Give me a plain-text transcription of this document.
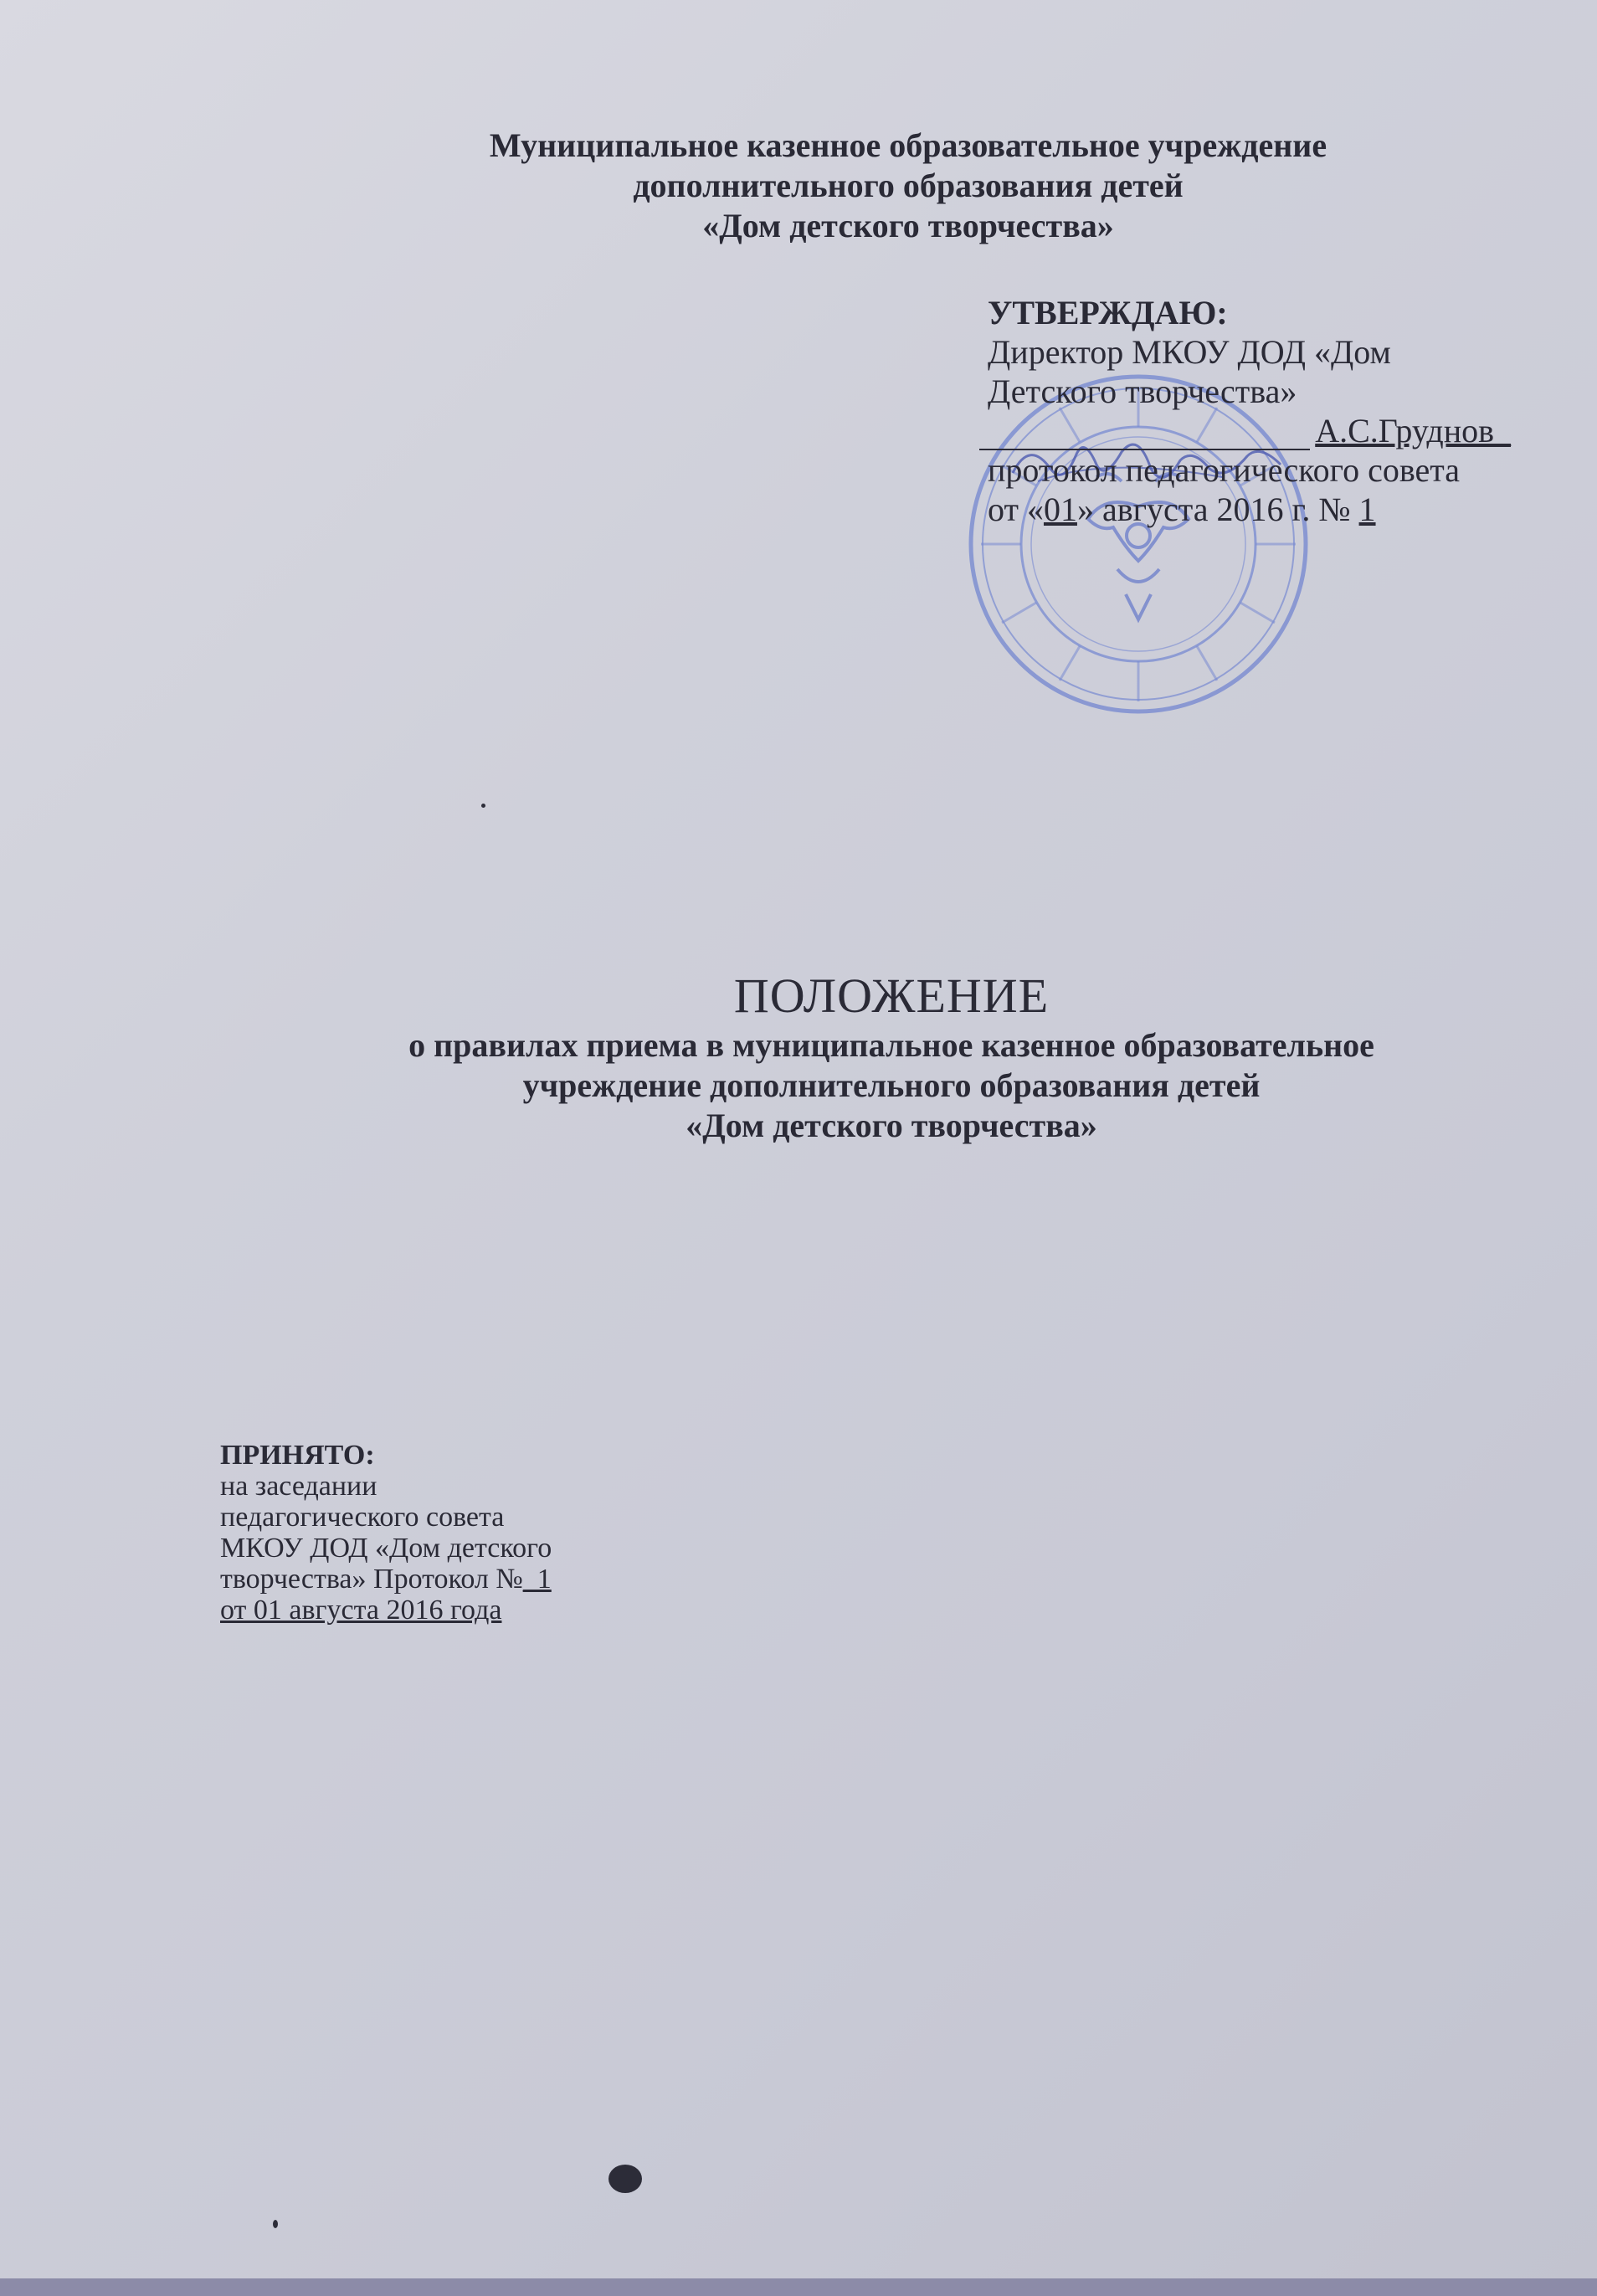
Муниципальное казенное образовательное учреждение
дополнительного образования детей
«Дом детского творчества»
УТВЕРЖДАЮ:
Директор МКОУ ДОД «Дом
Детского творчества»
А.С.Груднов_
протокол педагогического совета
от «01» августа 2016 г. № 1
ПОЛОЖЕНИЕ
о правилах приема в муниципальное казенное образовательное
учреждение дополнительного образования детей
«Дом детского творчества»
ПРИНЯТО:
на заседании
педагогического совета
МКОУ ДОД «Дом детского
творчества» Протокол №_1
от 01 августа 2016 года
